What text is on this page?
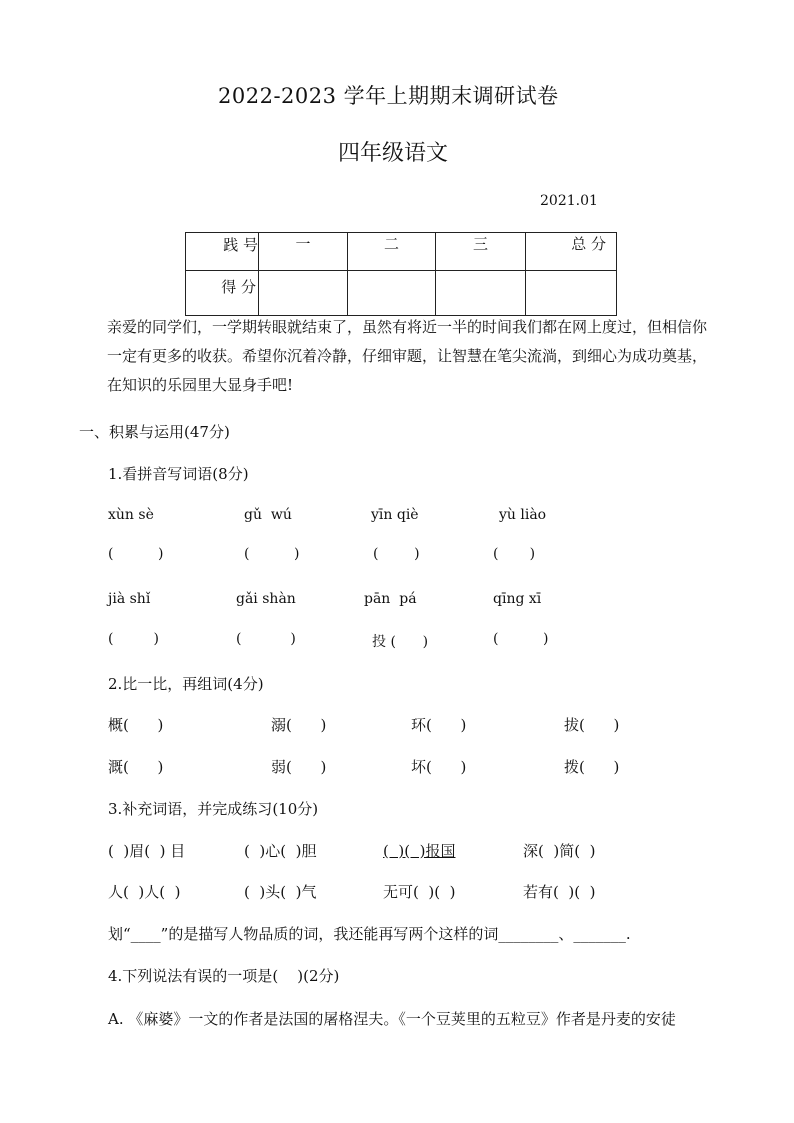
2022-2023 学年上期期末调研试卷
四年级语文
2021.01
践 号	一	二	三	总 分
得 分				
亲爱的同学们，一学期转眼就结束了，虽然有将近一半的时间我们都在网上度过，但相信你一定有更多的收获。希望你沉着冷静，仔细审题，让智慧在笔尖流淌，到细心为成功奠基，在知识的乐园里大显身手吧!
一、积累与运用(47分)
1.看拼音写词语(8分)
xùn sè	gǔ  wú	yīn qiè	yù liào
(          )	(          )	(        )	(       )
jià shǐ	gǎi shàn	pān  pá	qīng xī
(         )	(           )	投 (      )	(          )
2.比一比，再组词(4分)
概(      )	溺(      )	环(      )	拔(      )
溉(      )	弱(      )	坏(      )	拨(      )
3.补充词语，并完成练习(10分)
(  )眉(  ) 目	(  )心(  )胆	(  )(  )报国	深(  )简(  )
人(  )人(  )	(  )头(  )气	无可(  )(  )	若有(  )(  )
划“____”的是描写人物品质的词，我还能再写两个这样的词________、_______.
4.下列说法有误的一项是(    )(2分)
A. 《麻婆》一文的作者是法国的屠格涅夫。《一个豆荚里的五粒豆》作者是丹麦的安徒
